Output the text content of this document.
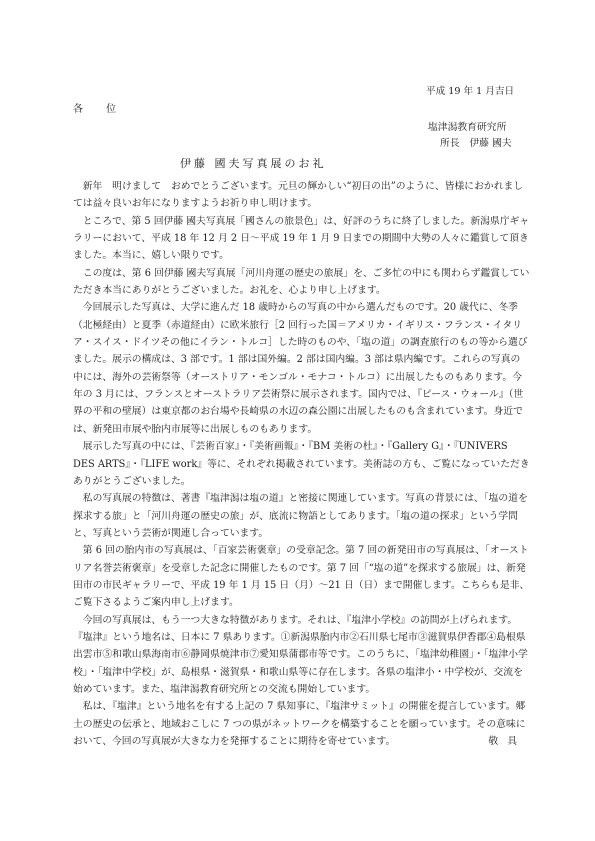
平成 19 年 1 月吉日
各 位
塩津潟教育研究所
所長　伊藤 國夫
伊藤 國夫写真展のお礼

新年　明けまして　おめでとうございます。元旦の輝かしい“初日の出”のように、皆様におかれましては益々良いお年になりますようお祈り申し明けます。

ところで、第 5 回伊藤 國夫写真展「國さんの旅景色」は、好評のうちに終了しました。新潟県庁ギャラリーにおいて、平成 18 年 12 月 2 日〜平成 19 年 1 月 9 日までの期間中大勢の人々に鑑賞して頂きました。本当に、嬉しい限りです。

この度は、第 6 回伊藤 國夫写真展「河川舟運の歴史の旅展」を、ご多忙の中にも関わらず鑑賞していただき本当にありがとうございました。お礼を、心より申し上げます。

今回展示した写真は、大学に進んだ 18 歳時からの写真の中から選んだものです。20 歳代に、冬季（北極経由）と夏季（赤道経由）に欧米旅行［2 回行った国＝アメリカ・イギリス・フランス・イタリア・スイス・ドイツその他にイラン・トルコ］した時のものや、「塩の道」の調査旅行のもの等から選びました。展示の構成は、3 部です。1 部は国外編。2 部は国内編。3 部は県内編です。これらの写真の中には、海外の芸術祭等（オーストリア・モンゴル・モナコ・トルコ）に出展したものもあります。今年の 3 月には、フランスとオーストラリア芸術祭に展示されます。国内では、『ピース・ウォール』（世界の平和の壁展）は東京都のお台場や長崎県の水辺の森公園に出展したものも含まれています。身近では、新発田市展や胎内市展等に出展しものもあります。

展示した写真の中には、『芸術百家』・『美術画報』・『BM 美術の杜』・『Gallery G』・『UNIVERS DES ARTS』・『LIFE work』等に、それぞれ掲載されています。美術誌の方も、ご覧になっていただきありがとうございました。

私の写真展の特徴は、著書『塩津潟は塩の道』と密接に関連しています。写真の背景には、「塩の道を探求する旅」と「河川舟運の歴史の旅」が、底流に物語としてあります。「塩の道の探求」という学問と、写真という芸術が関連し合っています。

第 6 回の胎内市の写真展は、「百家芸術褒章」の受章記念。第 7 回の新発田市の写真展は、「オーストリア名誉芸術褒章」を受章した記念に開催したものです。第 7 回「“塩の道”を探求する旅展」は、新発田市の市民ギャラリーで、平成 19 年 1 月 15 日（月）〜21 日（日）まで開催します。こちらも是非、ご覧下さるようご案内申し上げます。

今回の写真展は、もう一つ大きな特徴があります。それは、『塩津小学校』の訪問が上げられます。『塩津』という地名は、日本に 7 県あります。①新潟県胎内市②石川県七尾市③滋賀県伊香郡④島根県出雲市⑤和歌山県海南市⑥静岡県焼津市⑦愛知県蒲郡市等です。このうちに、「塩津幼稚園」・「塩津小学校」・「塩津中学校」が、島根県・滋賀県・和歌山県等に存在します。各県の塩津小・中学校が、交流を始めています。また、塩津潟教育研究所との交流も開始しています。

私は、『塩津』という地名を有する上記の 7 県知事に、『塩津サミット』の開催を提言しています。郷土の歴史の伝承と、地域おこしに 7 つの県がネットワークを構築することを願っています。その意味において、今回の写真展が大きな力を発揮することに期待を寄せています。	敬具
